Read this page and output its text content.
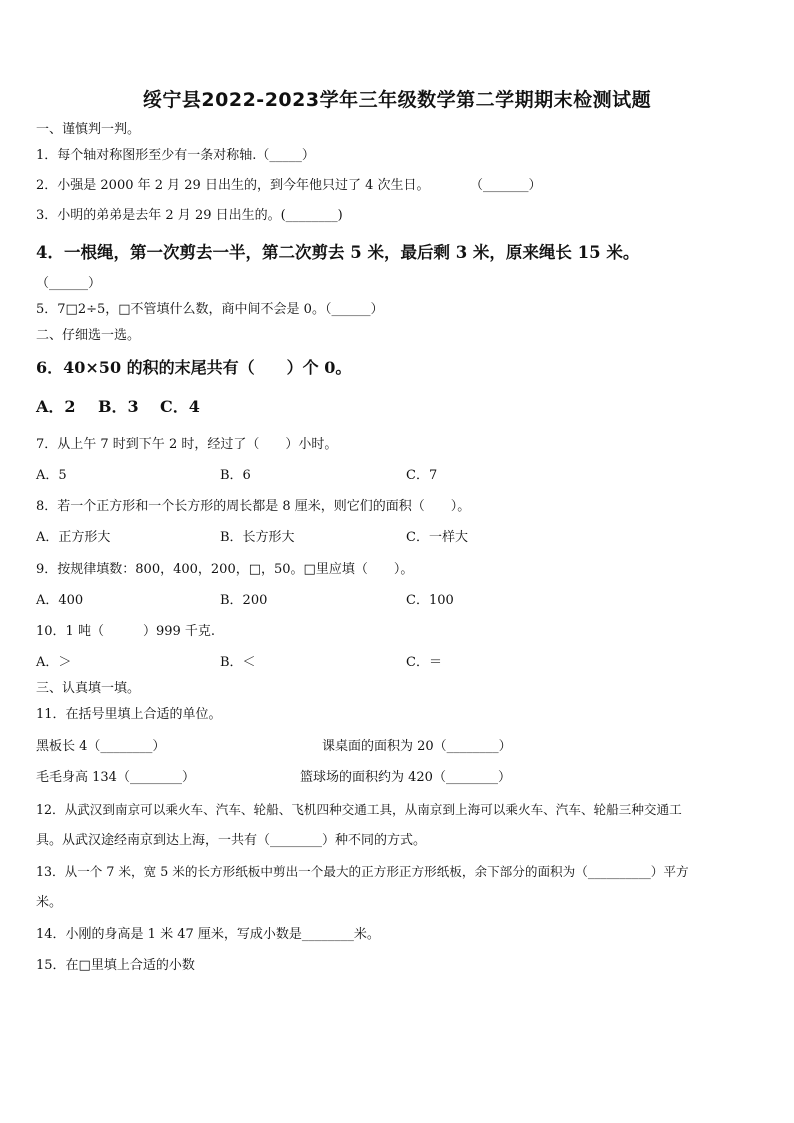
绥宁县2022-2023学年三年级数学第二学期期末检测试题
一、谨慎判一判。
1．每个轴对称图形至少有一条对称轴.（_____）
2．小强是 2000 年 2 月 29 日出生的，到今年他只过了 4 次生日。	（_______）
3．小明的弟弟是去年 2 月 29 日出生的。(________)
4．一根绳，第一次剪去一半，第二次剪去 5 米，最后剩 3 米，原来绳长 15 米。
（______）
5．7□2÷5，□不管填什么数，商中间不会是 0。（______）
二、仔细选一选。
6．40×50 的积的末尾共有（　　）个 0。
A．2 B．3 C．4
7．从上午 7 时到下午 2 时，经过了（　　）小时。
A．5	B．6	C．7
8．若一个正方形和一个长方形的周长都是 8 厘米，则它们的面积（　　）。
A．正方形大	B．长方形大	C．一样大
9．按规律填数：800，400，200，□，50。□里应填（　　）。
A．400	B．200	C．100
10．1 吨（　　　）999 千克.
A．＞	B．＜	C．＝
三、认真填一填。
11．在括号里填上合适的单位。
黑板长 4（________）	课桌面的面积为 20（________）
毛毛身高 134（________）	篮球场的面积约为 420（________）
12．从武汉到南京可以乘火车、汽车、轮船、飞机四种交通工具，从南京到上海可以乘火车、汽车、轮船三种交通工
具。从武汉途经南京到达上海，一共有（________）种不同的方式。
13．从一个 7 米，宽 5 米的长方形纸板中剪出一个最大的正方形正方形纸板，余下部分的面积为（__________）平方
米。
14．小刚的身高是 1 米 47 厘米，写成小数是________米。
15．在□里填上合适的小数
